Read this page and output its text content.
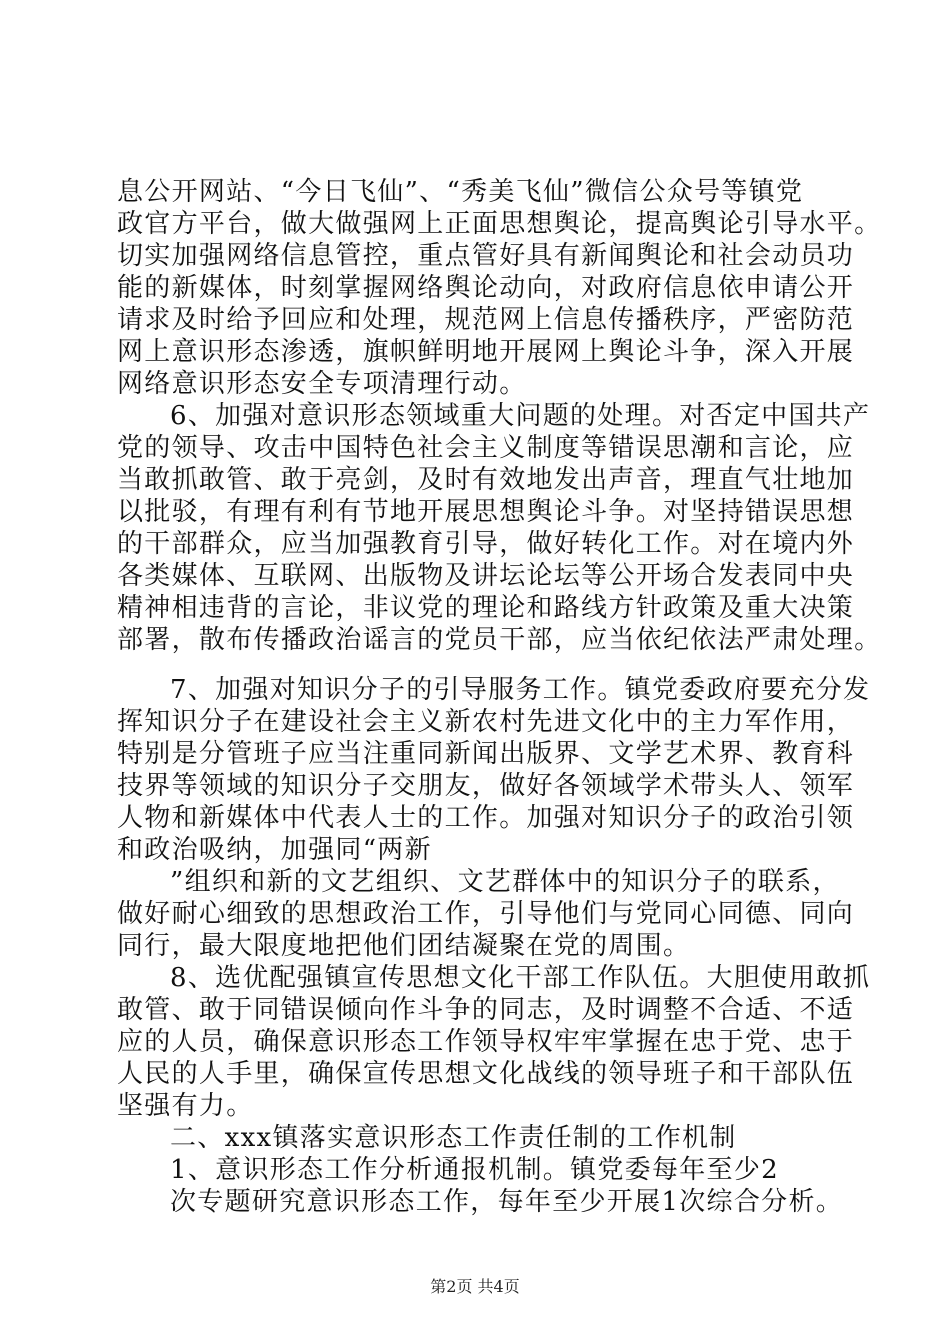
息公开网站、“今日飞仙”、“秀美飞仙”微信公众号等镇党
政官方平台，做大做强网上正面思想舆论，提高舆论引导水平。
切实加强网络信息管控，重点管好具有新闻舆论和社会动员功
能的新媒体，时刻掌握网络舆论动向，对政府信息依申请公开
请求及时给予回应和处理，规范网上信息传播秩序，严密防范
网上意识形态渗透，旗帜鲜明地开展网上舆论斗争，深入开展
网络意识形态安全专项清理行动。
6、加强对意识形态领域重大问题的处理。对否定中国共产
党的领导、攻击中国特色社会主义制度等错误思潮和言论，应
当敢抓敢管、敢于亮剑，及时有效地发出声音，理直气壮地加
以批驳，有理有利有节地开展思想舆论斗争。对坚持错误思想
的干部群众，应当加强教育引导，做好转化工作。对在境内外
各类媒体、互联网、出版物及讲坛论坛等公开场合发表同中央
精神相违背的言论，非议党的理论和路线方针政策及重大决策
部署，散布传播政治谣言的党员干部，应当依纪依法严肃处理。
7、加强对知识分子的引导服务工作。镇党委政府要充分发
挥知识分子在建设社会主义新农村先进文化中的主力军作用，
特别是分管班子应当注重同新闻出版界、文学艺术界、教育科
技界等领域的知识分子交朋友，做好各领域学术带头人、领军
人物和新媒体中代表人士的工作。加强对知识分子的政治引领
和政治吸纳，加强同“两新
”组织和新的文艺组织、文艺群体中的知识分子的联系，
做好耐心细致的思想政治工作，引导他们与党同心同德、同向
同行，最大限度地把他们团结凝聚在党的周围。
8、选优配强镇宣传思想文化干部工作队伍。大胆使用敢抓
敢管、敢于同错误倾向作斗争的同志，及时调整不合适、不适
应的人员，确保意识形态工作领导权牢牢掌握在忠于党、忠于
人民的人手里，确保宣传思想文化战线的领导班子和干部队伍
坚强有力。
二、xxx镇落实意识形态工作责任制的工作机制
1、意识形态工作分析通报机制。镇党委每年至少2
次专题研究意识形态工作，每年至少开展1次综合分析。
第2页 共4页
